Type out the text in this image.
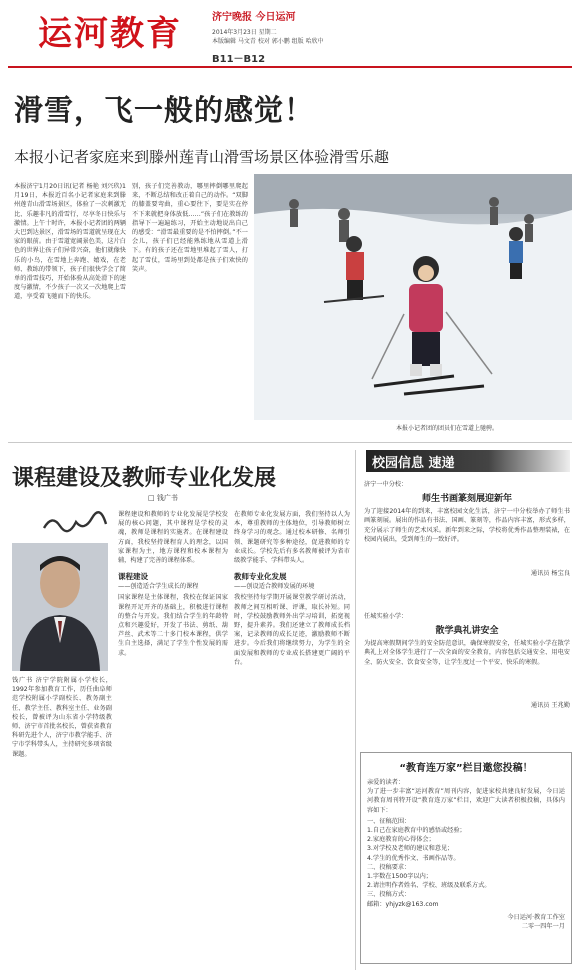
运河教育	济宁晚报 今日运河
2014年3月23日 星期二
本版编辑 马文青 校对 郭小鹏 组版 哈欣中
B11－B12
滑雪，飞一般的感觉！
本报小记者家庭来到滕州莲青山滑雪场景区体验滑雪乐趣
本报济宁1月20日讯(记者 杨艳 刘兴玖)1月19日，本报近百名小记者家庭来到滕州莲青山滑雪场景区，体验了一次刺激无比、乐趣非凡的滑雪行，尽享冬日快乐与激情。上午十时许，本报小记者团的两辆大巴到达景区，滑雪场的雪道就呈现在大家的眼前。由于雪道宽阔景色美，这片白色的世界让孩子们异常兴奋，他们就像快乐的小鸟，在雪地上奔跑、嬉戏，在老师、教练的带领下，孩子们很快学会了简单的滑雪技巧，开始体验从高处滑下的速度与激情，不少孩子一次又一次地爬上雪道，享受着飞驰而下的快乐。
别，孩子们完善教动，哪里摔倒哪里爬起来，不断总结和改正着自己的动作。“双脚的膝盖要弯曲，重心要往下，要是实在停不下来就把身体放低……”孩子们在教练的指导下一遍遍练习，开始主动地说出自己的感受：“滑雪最重要的是不怕摔倒。”不一会儿，孩子们已经能熟练地从雪道上滑下。有的孩子还在雪地里堆起了雪人，打起了雪仗，雪场里到处都是孩子们欢快的笑声。
本报小记者团的团员们在雪道上驰骋。
课程建设及教师专业化发展
□ 钱广书
钱广书 济宁学院附属小学校长，1992年参加教育工作，历任曲阜师范学校附属小学副校长、教务副主任、教学主任、教科室主任、业务副校长，曾被评为山东省小学特级教师、济宁市首批名校长，曾获省教育科研先进个人，济宁市教学能手、济宁市学科带头人，主持研究多项省级课题。
课程建设和教师的专业化发展是学校发展的核心问题，其中课程是学校的灵魂，教师是课程的实施者。在课程建设方面，我校坚持课程育人的理念，以国家课程为主，地方课程和校本课程为辅，构建了完善的课程体系。
课程建设
——创造适合学生成长的课程
国家课程是主体课程，我校在保证国家课程开足开齐的基础上，积极进行课程的整合与开发。我们结合学生的年龄特点和兴趣爱好，开发了书法、剪纸、葫芦丝、武术等二十多门校本课程，供学生自主选择，满足了学生个性发展的需求。
在教师专业化发展方面，我们坚持以人为本，尊重教师的主体地位，引导教师树立终身学习的观念。通过校本研修、名师引领、课题研究等多种途径，促进教师的专业成长。学校先后有多名教师被评为省市级教学能手、学科带头人。
教师专业化发展
——创设适合教师发展的环境
我校坚持每学期开展课堂教学研讨活动，教师之间互相听课、评课，取长补短。同时，学校鼓励教师外出学习培训，拓宽视野，提升素养。我们还建立了教师成长档案，记录教师的成长足迹，激励教师不断进步。今后我们将继续努力，为学生的全面发展和教师的专业成长搭建更广阔的平台。
校园信息 速递
济宁一中分校：
师生书画篆刻展迎新年
为了迎接2014年的到来，丰富校园文化生活，济宁一中分校举办了师生书画篆刻展。展出的作品有书法、国画、篆刻等，作品内容丰富，形式多样，充分展示了师生的艺术风采。新年到来之际，学校将优秀作品整理装裱，在校园内展出，受到师生的一致好评。
通讯员 杨宝良
任城实验小学：
散学典礼讲安全
为提高寒假期间学生的安全防范意识，确保寒假安全，任城实验小学在散学典礼上对全体学生进行了一次全面的安全教育，内容包括交通安全、用电安全、防火安全、饮食安全等，让学生度过一个平安、快乐的寒假。
通讯员 王兆勤
“教育连万家”栏目邀您投稿！
亲爱的读者：
为了进一步丰富“运河教育”周刊内容，促进家校共建良好发展，今日运河教育周刊特开设“教育连万家”栏目，欢迎广大读者积极投稿，具体内容如下：
一、征稿范围：
1.自己在家庭教育中的感悟或经验；
2.家庭教育的心得体会；
3.对学校及老师的建议和意见；
4.学生的优秀作文、书画作品等。
二、投稿要求：
1.字数在1500字以内；
2.请注明作者姓名、学校、班级及联系方式。
三、投稿方式：
邮箱：yhjyzk@163.com
今日运河·教育工作室
二零一四年一月
